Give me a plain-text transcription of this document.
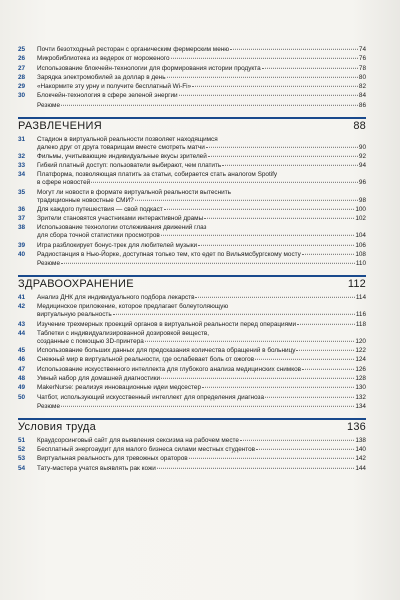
25	Почти безотходный ресторан с органическим фермерским меню	74
26	Микробиблиотека из ведерок от мороженого	76
27	Использование блокчейн-технологии для формирования истории продукта	78
28	Зарядка электромобилей за доллар в день	80
29	«Накормите эту урну и получите бесплатный Wi-Fi»	82
30	Блокчейн-технология в сфере зеленой энергии	84
Резюме	86
РАЗВЛЕЧЕНИЯ	88
31	Стадион в виртуальной реальности позволяет находящимся
далеко друг от друга товарищам вместе смотреть матчи	90
32	Фильмы, учитывающие индивидуальные вкусы зрителей	92
33	Гибкий платный доступ: пользователи выбирают, чем платить	94
34	Платформа, позволяющая платить за статьи, собирается стать аналогом Spotify
в сфере новостей	96
35	Могут ли новости в формате виртуальной реальности вытеснить
традиционные новостные СМИ?	98
36	Для каждого путешествия — свой подкаст	100
37	Зрители становятся участниками интерактивной драмы	102
38	Использование технологии отслеживания движений глаз
для сбора точной статистики просмотров	104
39	Игра разблокирует бонус-трек для любителей музыки	106
40	Радиостанция в Нью-Йорке, доступная только тем, кто едет по Вильямсбургскому мосту	108
Резюме	110
ЗДРАВООХРАНЕНИЕ	112
41	Анализ ДНК для индивидуального подбора лекарств	114
42	Медицинское приложение, которое предлагает болеутоляющую
виртуальную реальность	116
43	Изучение трехмерных проекций органов в виртуальной реальности перед операциями	118
44	Таблетки с индивидуализированной дозировкой веществ,
созданные с помощью 3D-принтера	120
45	Использование больших данных для предсказания количества обращений в больницу	122
46	Снежный мир в виртуальной реальности, где ослабевает боль от ожогов	124
47	Использование искусственного интеллекта для глубокого анализа медицинских снимков	126
48	Умный набор для домашней диагностики	128
49	MakerNurse: реализуя инновационные идеи медсестер	130
50	Чатбот, использующий искусственный интеллект для определения диагноза	132
Резюме	134
Условия труда	136
51	Краудсорсинговый сайт для выявления сексизма на рабочем месте	138
52	Бесплатный энергоаудит для малого бизнеса силами местных студентов	140
53	Виртуальная реальность для тревожных ораторов	142
54	Тату-мастера учатся выявлять рак кожи	144
